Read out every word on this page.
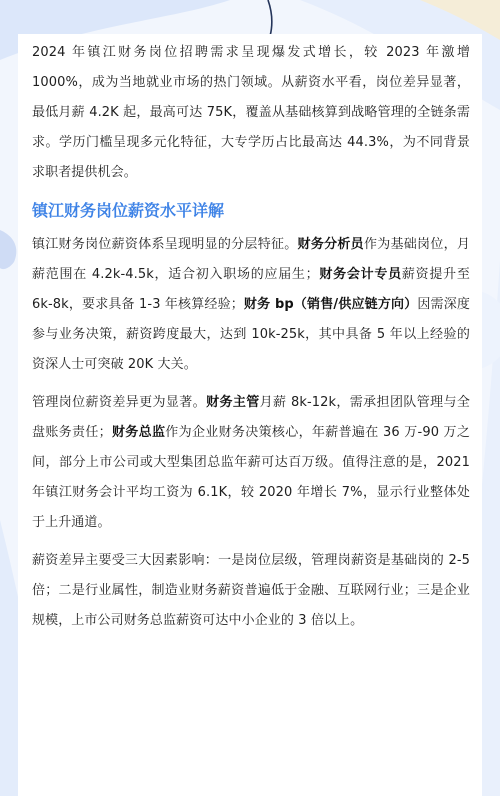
2024 年镇江财务岗位招聘需求呈现爆发式增长，较 2023 年激增 1000%，成为当地就业市场的热门领域。从薪资水平看，岗位差异显著，最低月薪 4.2K 起，最高可达 75K，覆盖从基础核算到战略管理的全链条需求。学历门槛呈现多元化特征，大专学历占比最高达 44.3%，为不同背景求职者提供机会。

镇江财务岗位薪资水平详解

镇江财务岗位薪资体系呈现明显的分层特征。财务分析员作为基础岗位，月薪范围在 4.2k-4.5k，适合初入职场的应届生；财务会计专员薪资提升至 6k-8k，要求具备 1-3 年核算经验；财务 bp（销售/供应链方向）因需深度参与业务决策，薪资跨度最大，达到 10k-25k，其中具备 5 年以上经验的资深人士可突破 20K 大关。

管理岗位薪资差异更为显著。财务主管月薪 8k-12k，需承担团队管理与全盘账务责任；财务总监作为企业财务决策核心，年薪普遍在 36 万-90 万之间，部分上市公司或大型集团总监年薪可达百万级。值得注意的是，2021 年镇江财务会计平均工资为 6.1K，较 2020 年增长 7%，显示行业整体处于上升通道。

薪资差异主要受三大因素影响：一是岗位层级，管理岗薪资是基础岗的 2-5 倍；二是行业属性，制造业财务薪资普遍低于金融、互联网行业；三是企业规模，上市公司财务总监薪资可达中小企业的 3 倍以上。
